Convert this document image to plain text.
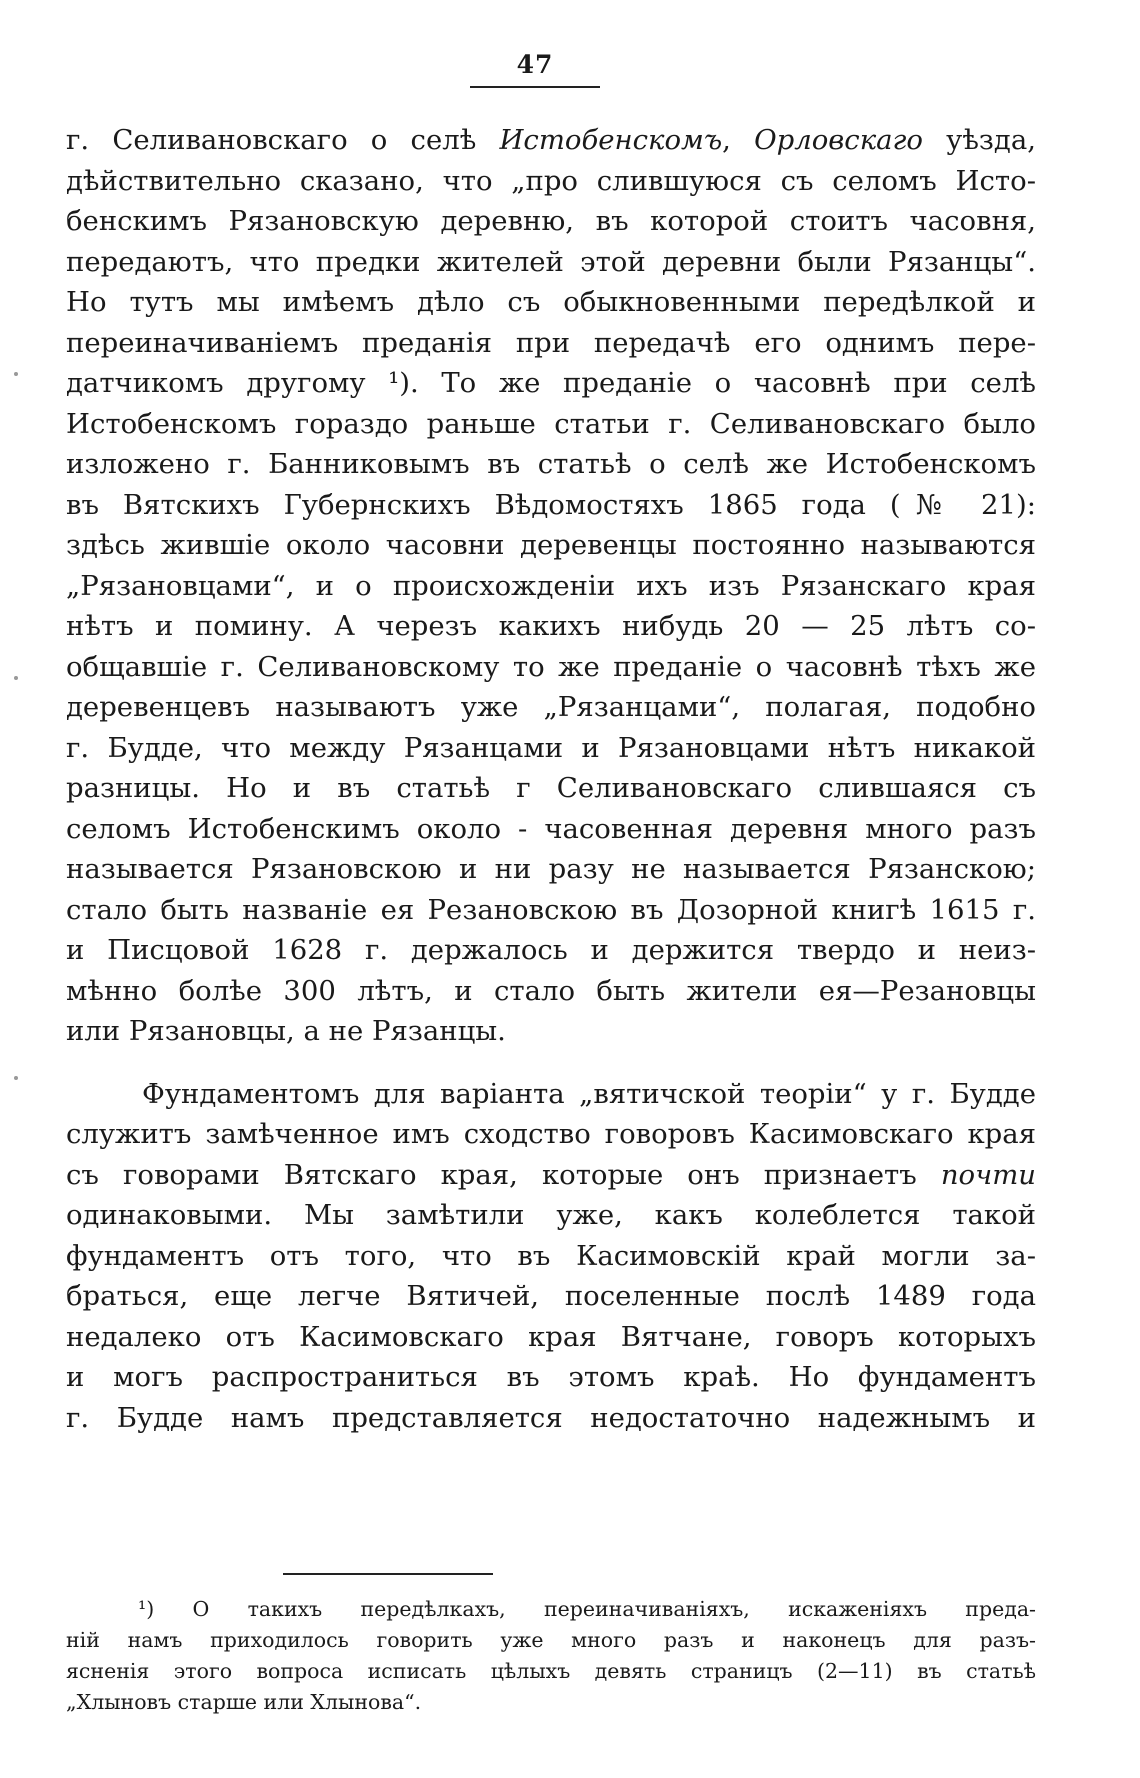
47
г. Селивановскаго о селѣ Истобенскомъ, Орловскаго уѣзда,
дѣйствительно сказано, что „про слившуюся съ селомъ Исто-
бенскимъ Рязановскую деревню, въ которой стоитъ часовня,
передаютъ, что предки жителей этой деревни были Рязанцы“.
Но тутъ мы имѣемъ дѣло съ обыкновенными передѣлкой и
переиначиваніемъ преданія при передачѣ его однимъ пере-
датчикомъ другому ¹). То же преданіе о часовнѣ при селѣ
Истобенскомъ гораздо раньше статьи г. Селивановскаго было
изложено г. Банниковымъ въ статьѣ о селѣ же Истобенскомъ
въ Вятскихъ Губернскихъ Вѣдомостяхъ 1865 года (№ 21):
здѣсь жившіе около часовни деревенцы постоянно называются
„Рязановцами“, и о происхожденіи ихъ изъ Рязанскаго края
нѣтъ и помину. А черезъ какихъ нибудь 20 — 25 лѣтъ со-
общавшіе г. Селивановскому то же преданіе о часовнѣ тѣхъ же
деревенцевъ называютъ уже „Рязанцами“, полагая, подобно
г. Будде, что между Рязанцами и Рязановцами нѣтъ никакой
разницы. Но и въ статьѣ г Селивановскаго слившаяся съ
селомъ Истобенскимъ около - часовенная деревня много разъ
называется Рязановскою и ни разу не называется Рязанскою;
стало быть названіе ея Резановскою въ Дозорной книгѣ 1615 г.
и Писцовой 1628 г. держалось и держится твердо и неиз-
мѣнно болѣе 300 лѣтъ, и стало быть жители ея—Резановцы
или Рязановцы, а не Рязанцы.
Фундаментомъ для варіанта „вятичской теоріи“ у г. Будде
служитъ замѣченное имъ сходство говоровъ Касимовскаго края
съ говорами Вятскаго края, которые онъ признаетъ почти
одинаковыми. Мы замѣтили уже, какъ колеблется такой
фундаментъ отъ того, что въ Касимовскій край могли за-
браться, еще легче Вятичей, поселенные послѣ 1489 года
недалеко отъ Касимовскаго края Вятчане, говоръ которыхъ
и могъ распространиться въ этомъ краѣ. Но фундаментъ
г. Будде намъ представляется недостаточно надежнымъ и
¹) О такихъ передѣлкахъ, переиначиваніяхъ, искаженіяхъ преда-
ній намъ приходилось говорить уже много разъ и наконецъ для разъ-
ясненія этого вопроса исписать цѣлыхъ девять страницъ (2—11) въ статьѣ
„Хлыновъ старше или Хлынова“.
